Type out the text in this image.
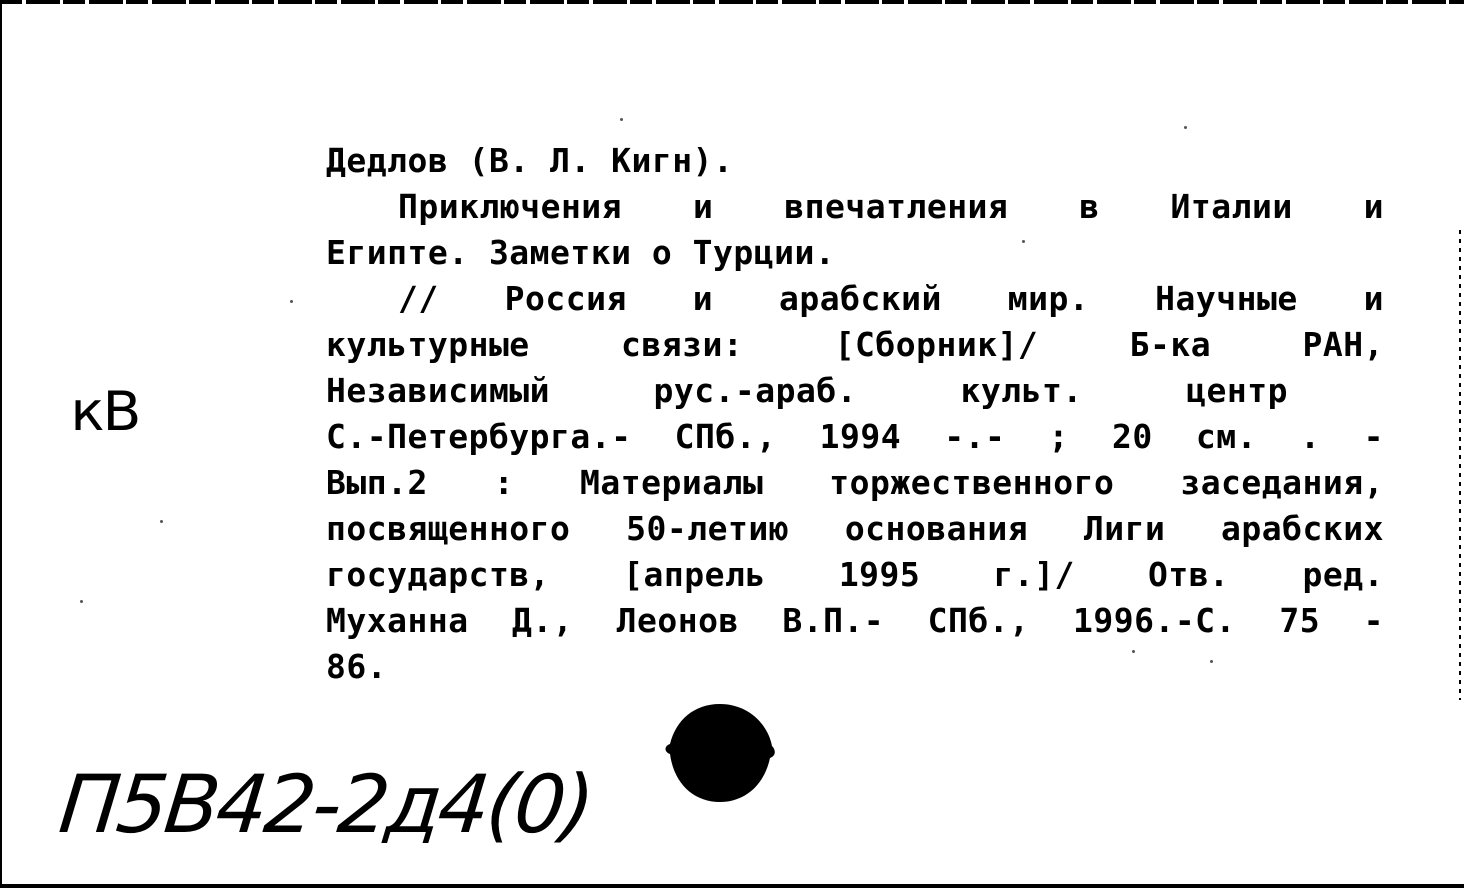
Дедлов (В. Л. Кигн).
Приключения и впечатления в Италии и
Египте. Заметки о Турции.
// Россия и арабский мир. Научные и
культурные связи: [Сборник]/ Б-ка РАН,
Независимый рус.-араб. культ. центр
С.-Петербурга.- СПб., 1994 -.- ; 20 см. . -
Вып.2 : Материалы торжественного заседания,
посвященного 50-летию основания Лиги арабских
государств, [апрель 1995 г.]/ Отв. ред.
Муханна Д., Леонов В.П.- СПб., 1996.-С. 75 -
86.
кВ
П5В42-2д4(0)
